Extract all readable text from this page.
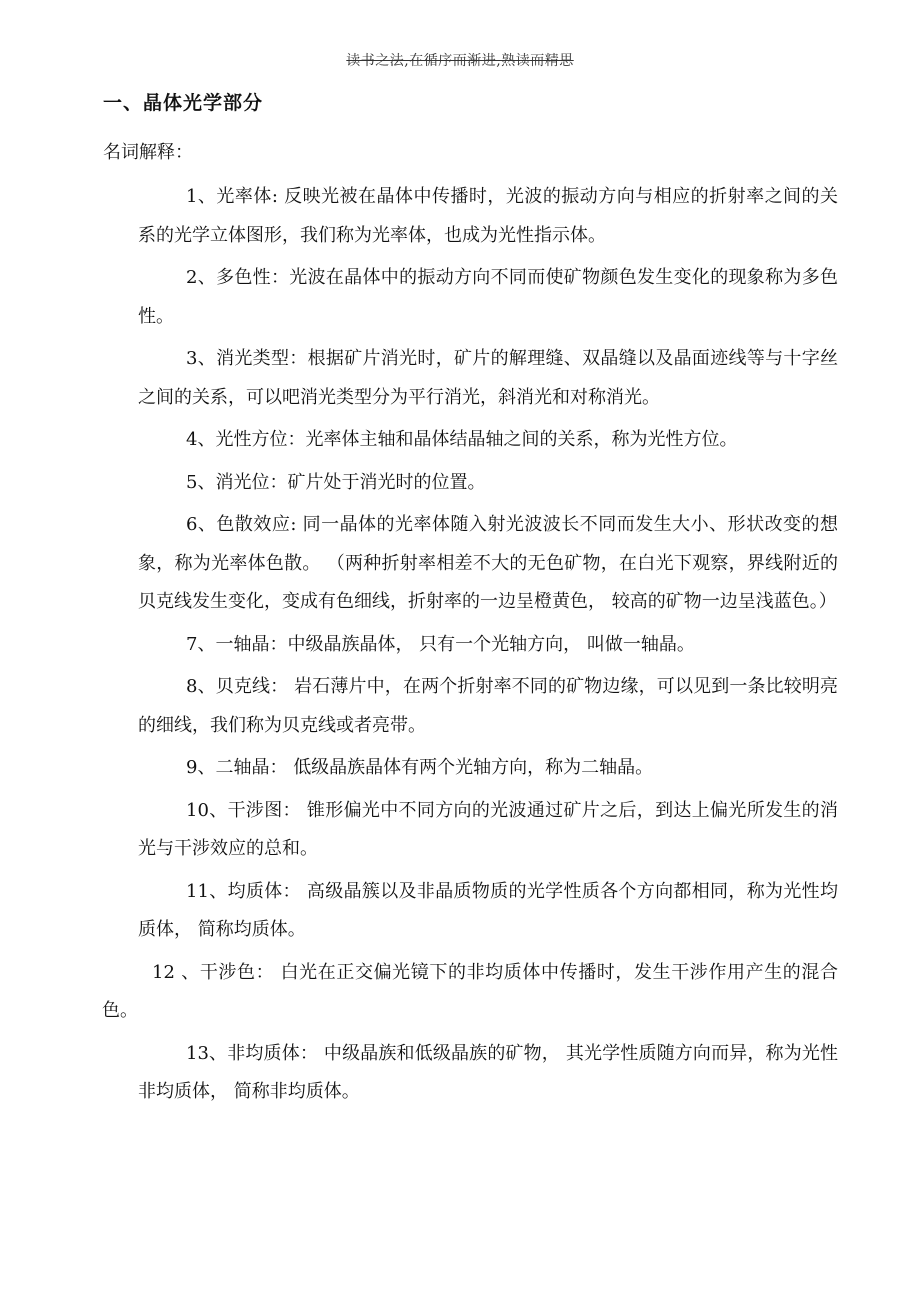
读书之法,在循序而渐进,熟读而精思
一、晶体光学部分
名词解释：

1、光率体: 反映光被在晶体中传播时，光波的振动方向与相应的折射率之间的关系的光学立体图形，我们称为光率体，也成为光性指示体。

2、多色性：光波在晶体中的振动方向不同而使矿物颜色发生变化的现象称为多色性。

3、消光类型：根据矿片消光时，矿片的解理缝、双晶缝以及晶面迹线等与十字丝之间的关系，可以吧消光类型分为平行消光，斜消光和对称消光。

4、光性方位：光率体主轴和晶体结晶轴之间的关系，称为光性方位。

5、消光位：矿片处于消光时的位置。

6、色散效应: 同一晶体的光率体随入射光波波长不同而发生大小、形状改变的想象，称为光率体色散。 （两种折射率相差不大的无色矿物，在白光下观察，界线附近的贝克线发生变化，变成有色细线，折射率的一边呈橙黄色， 较高的矿物一边呈浅蓝色。）

7、一轴晶：中级晶族晶体， 只有一个光轴方向， 叫做一轴晶。

8、贝克线： 岩石薄片中，在两个折射率不同的矿物边缘，可以见到一条比较明亮的细线，我们称为贝克线或者亮带。

9、二轴晶： 低级晶族晶体有两个光轴方向，称为二轴晶。

10、干涉图： 锥形偏光中不同方向的光波通过矿片之后，到达上偏光所发生的消光与干涉效应的总和。

11、均质体： 高级晶簇以及非晶质物质的光学性质各个方向都相同，称为光性均质体， 简称均质体。

12 、干涉色： 白光在正交偏光镜下的非均质体中传播时，发生干涉作用产生的混合色。

13、非均质体： 中级晶族和低级晶族的矿物， 其光学性质随方向而异，称为光性非均质体， 简称非均质体。
